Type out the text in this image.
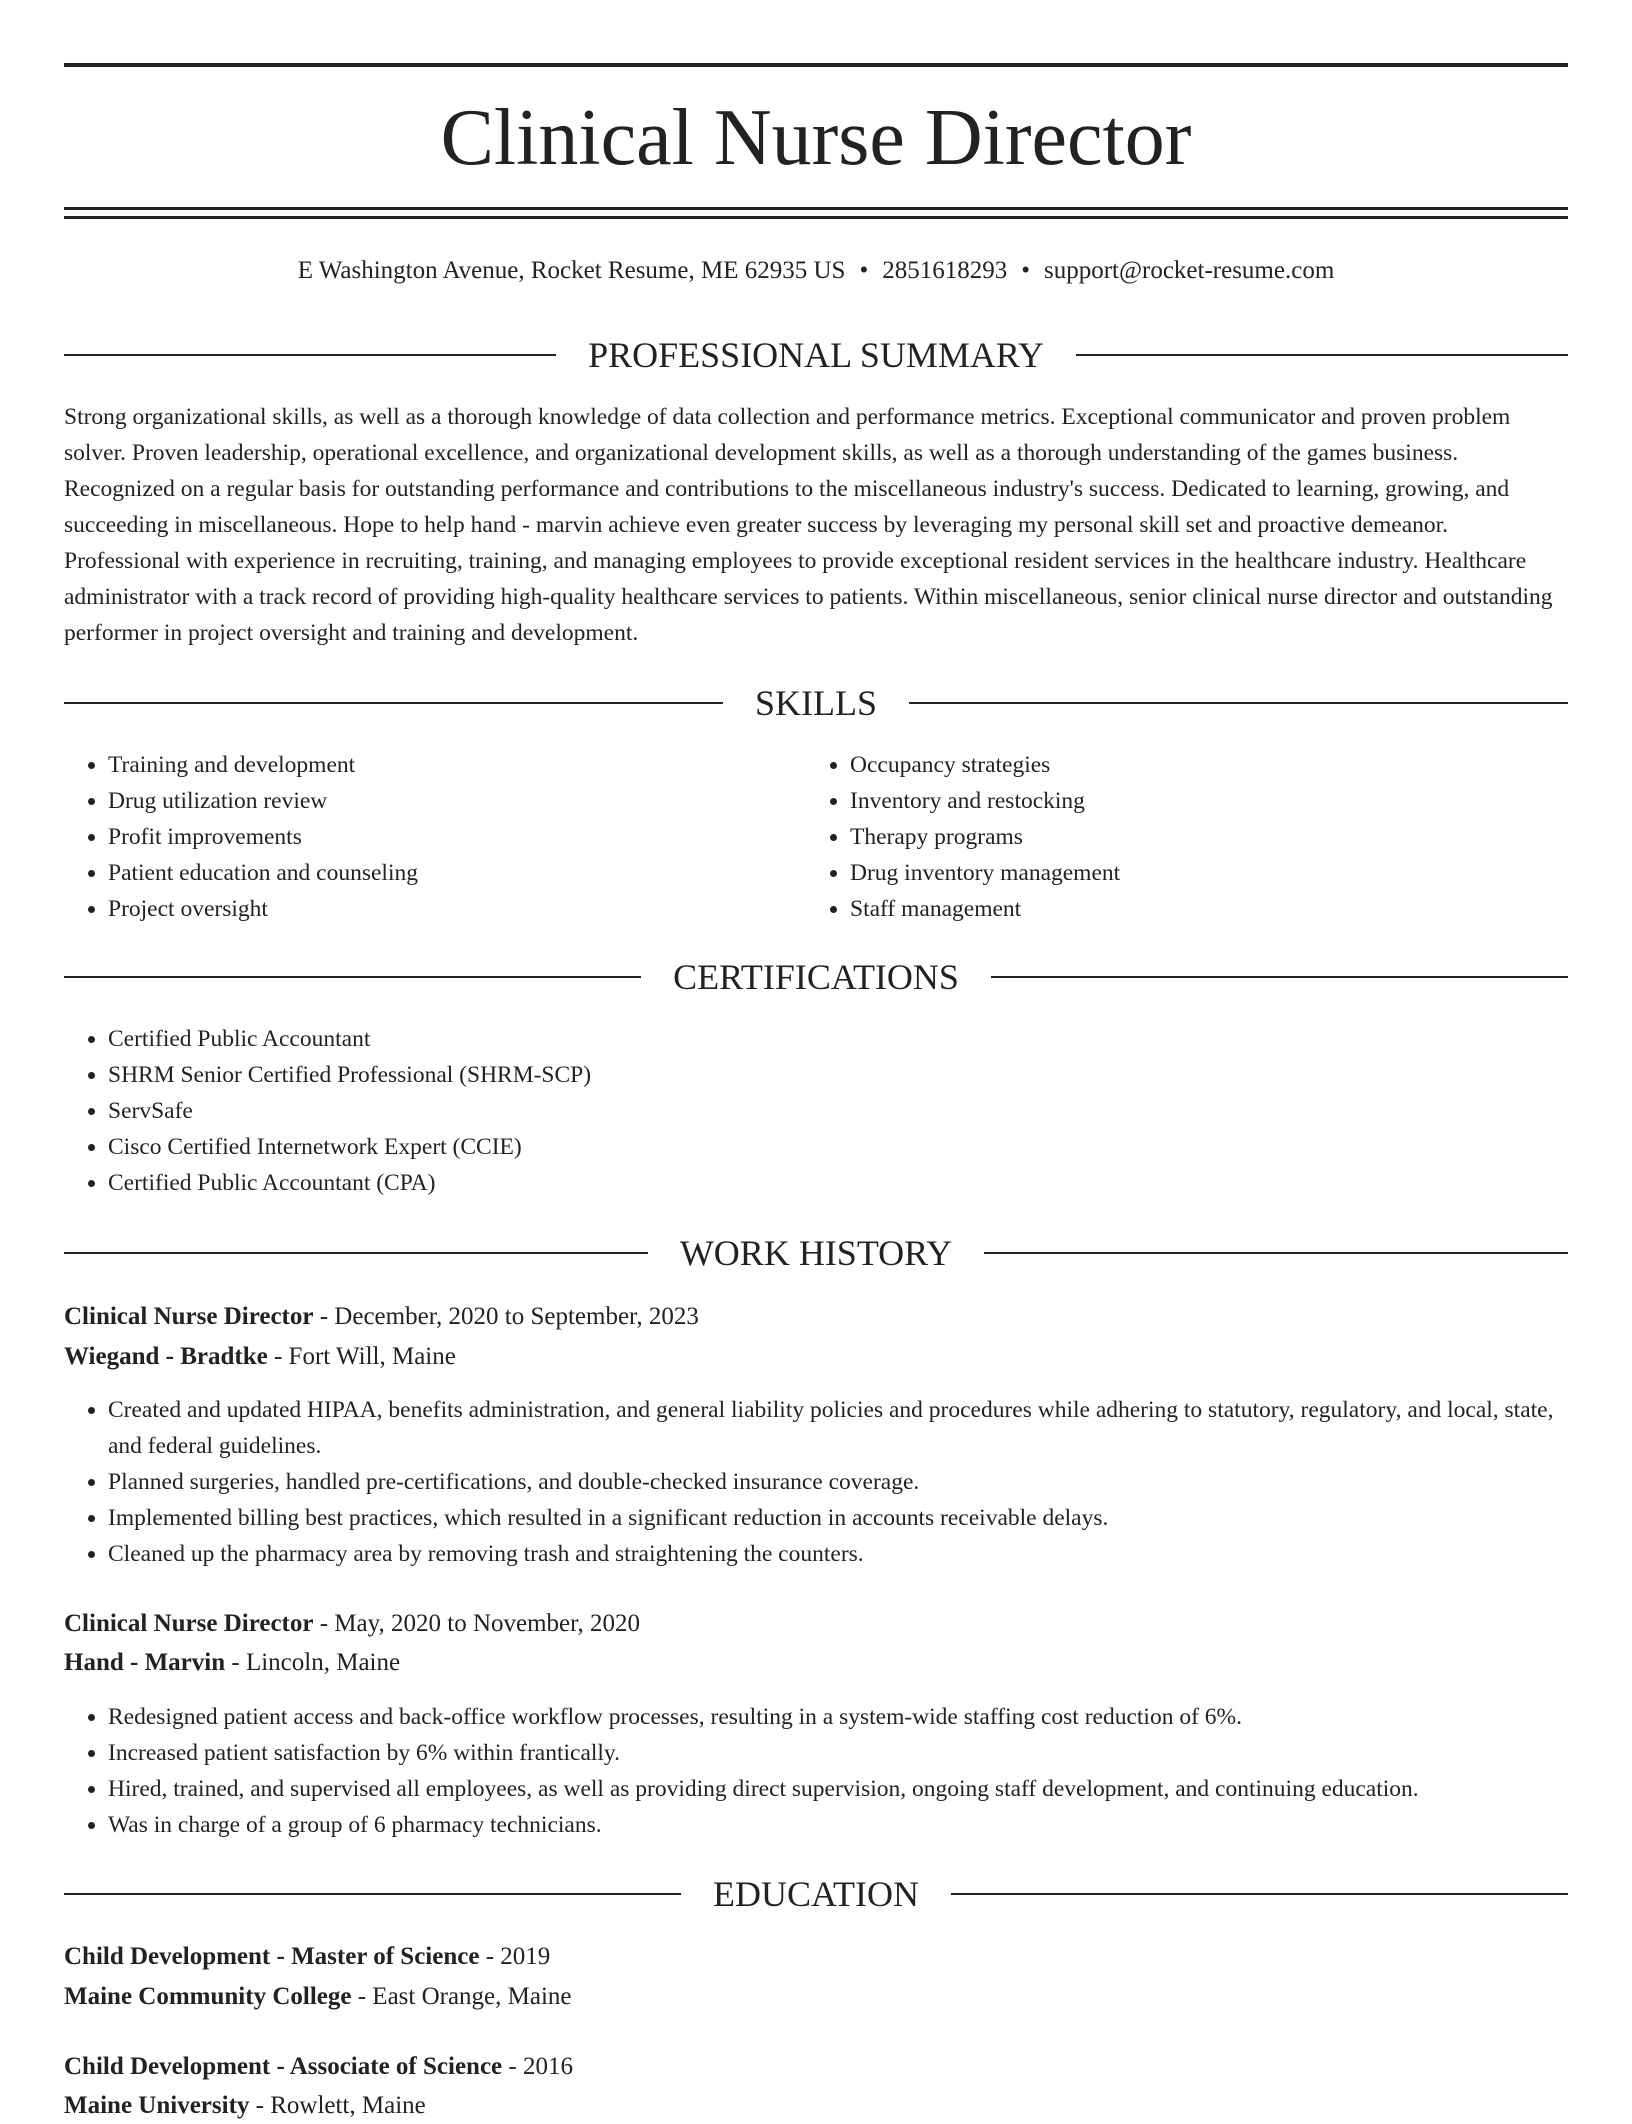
Clinical Nurse Director
E Washington Avenue, Rocket Resume, ME 62935 US • 2851618293 • support@rocket-resume.com
PROFESSIONAL SUMMARY

Strong organizational skills, as well as a thorough knowledge of data collection and performance metrics. Exceptional communicator and proven problem solver. Proven leadership, operational excellence, and organizational development skills, as well as a thorough understanding of the games business. Recognized on a regular basis for outstanding performance and contributions to the miscellaneous industry's success. Dedicated to learning, growing, and succeeding in miscellaneous. Hope to help hand - marvin achieve even greater success by leveraging my personal skill set and proactive demeanor. Professional with experience in recruiting, training, and managing employees to provide exceptional resident services in the healthcare industry. Healthcare administrator with a track record of providing high-quality healthcare services to patients. Within miscellaneous, senior clinical nurse director and outstanding performer in project oversight and training and development.

SKILLS
• Training and development
• Drug utilization review
• Profit improvements
• Patient education and counseling
• Project oversight
• Occupancy strategies
• Inventory and restocking
• Therapy programs
• Drug inventory management
• Staff management
CERTIFICATIONS
• Certified Public Accountant
• SHRM Senior Certified Professional (SHRM-SCP)
• ServSafe
• Cisco Certified Internetwork Expert (CCIE)
• Certified Public Accountant (CPA)
WORK HISTORY
Clinical Nurse Director - December, 2020 to September, 2023
Wiegand - Bradtke - Fort Will, Maine
• Created and updated HIPAA, benefits administration, and general liability policies and procedures while adhering to statutory, regulatory, and local, state, and federal guidelines.
• Planned surgeries, handled pre-certifications, and double-checked insurance coverage.
• Implemented billing best practices, which resulted in a significant reduction in accounts receivable delays.
• Cleaned up the pharmacy area by removing trash and straightening the counters.
Clinical Nurse Director - May, 2020 to November, 2020
Hand - Marvin - Lincoln, Maine
• Redesigned patient access and back-office workflow processes, resulting in a system-wide staffing cost reduction of 6%.
• Increased patient satisfaction by 6% within frantically.
• Hired, trained, and supervised all employees, as well as providing direct supervision, ongoing staff development, and continuing education.
• Was in charge of a group of 6 pharmacy technicians.
EDUCATION
Child Development - Master of Science - 2019
Maine Community College - East Orange, Maine
Child Development - Associate of Science - 2016
Maine University - Rowlett, Maine
